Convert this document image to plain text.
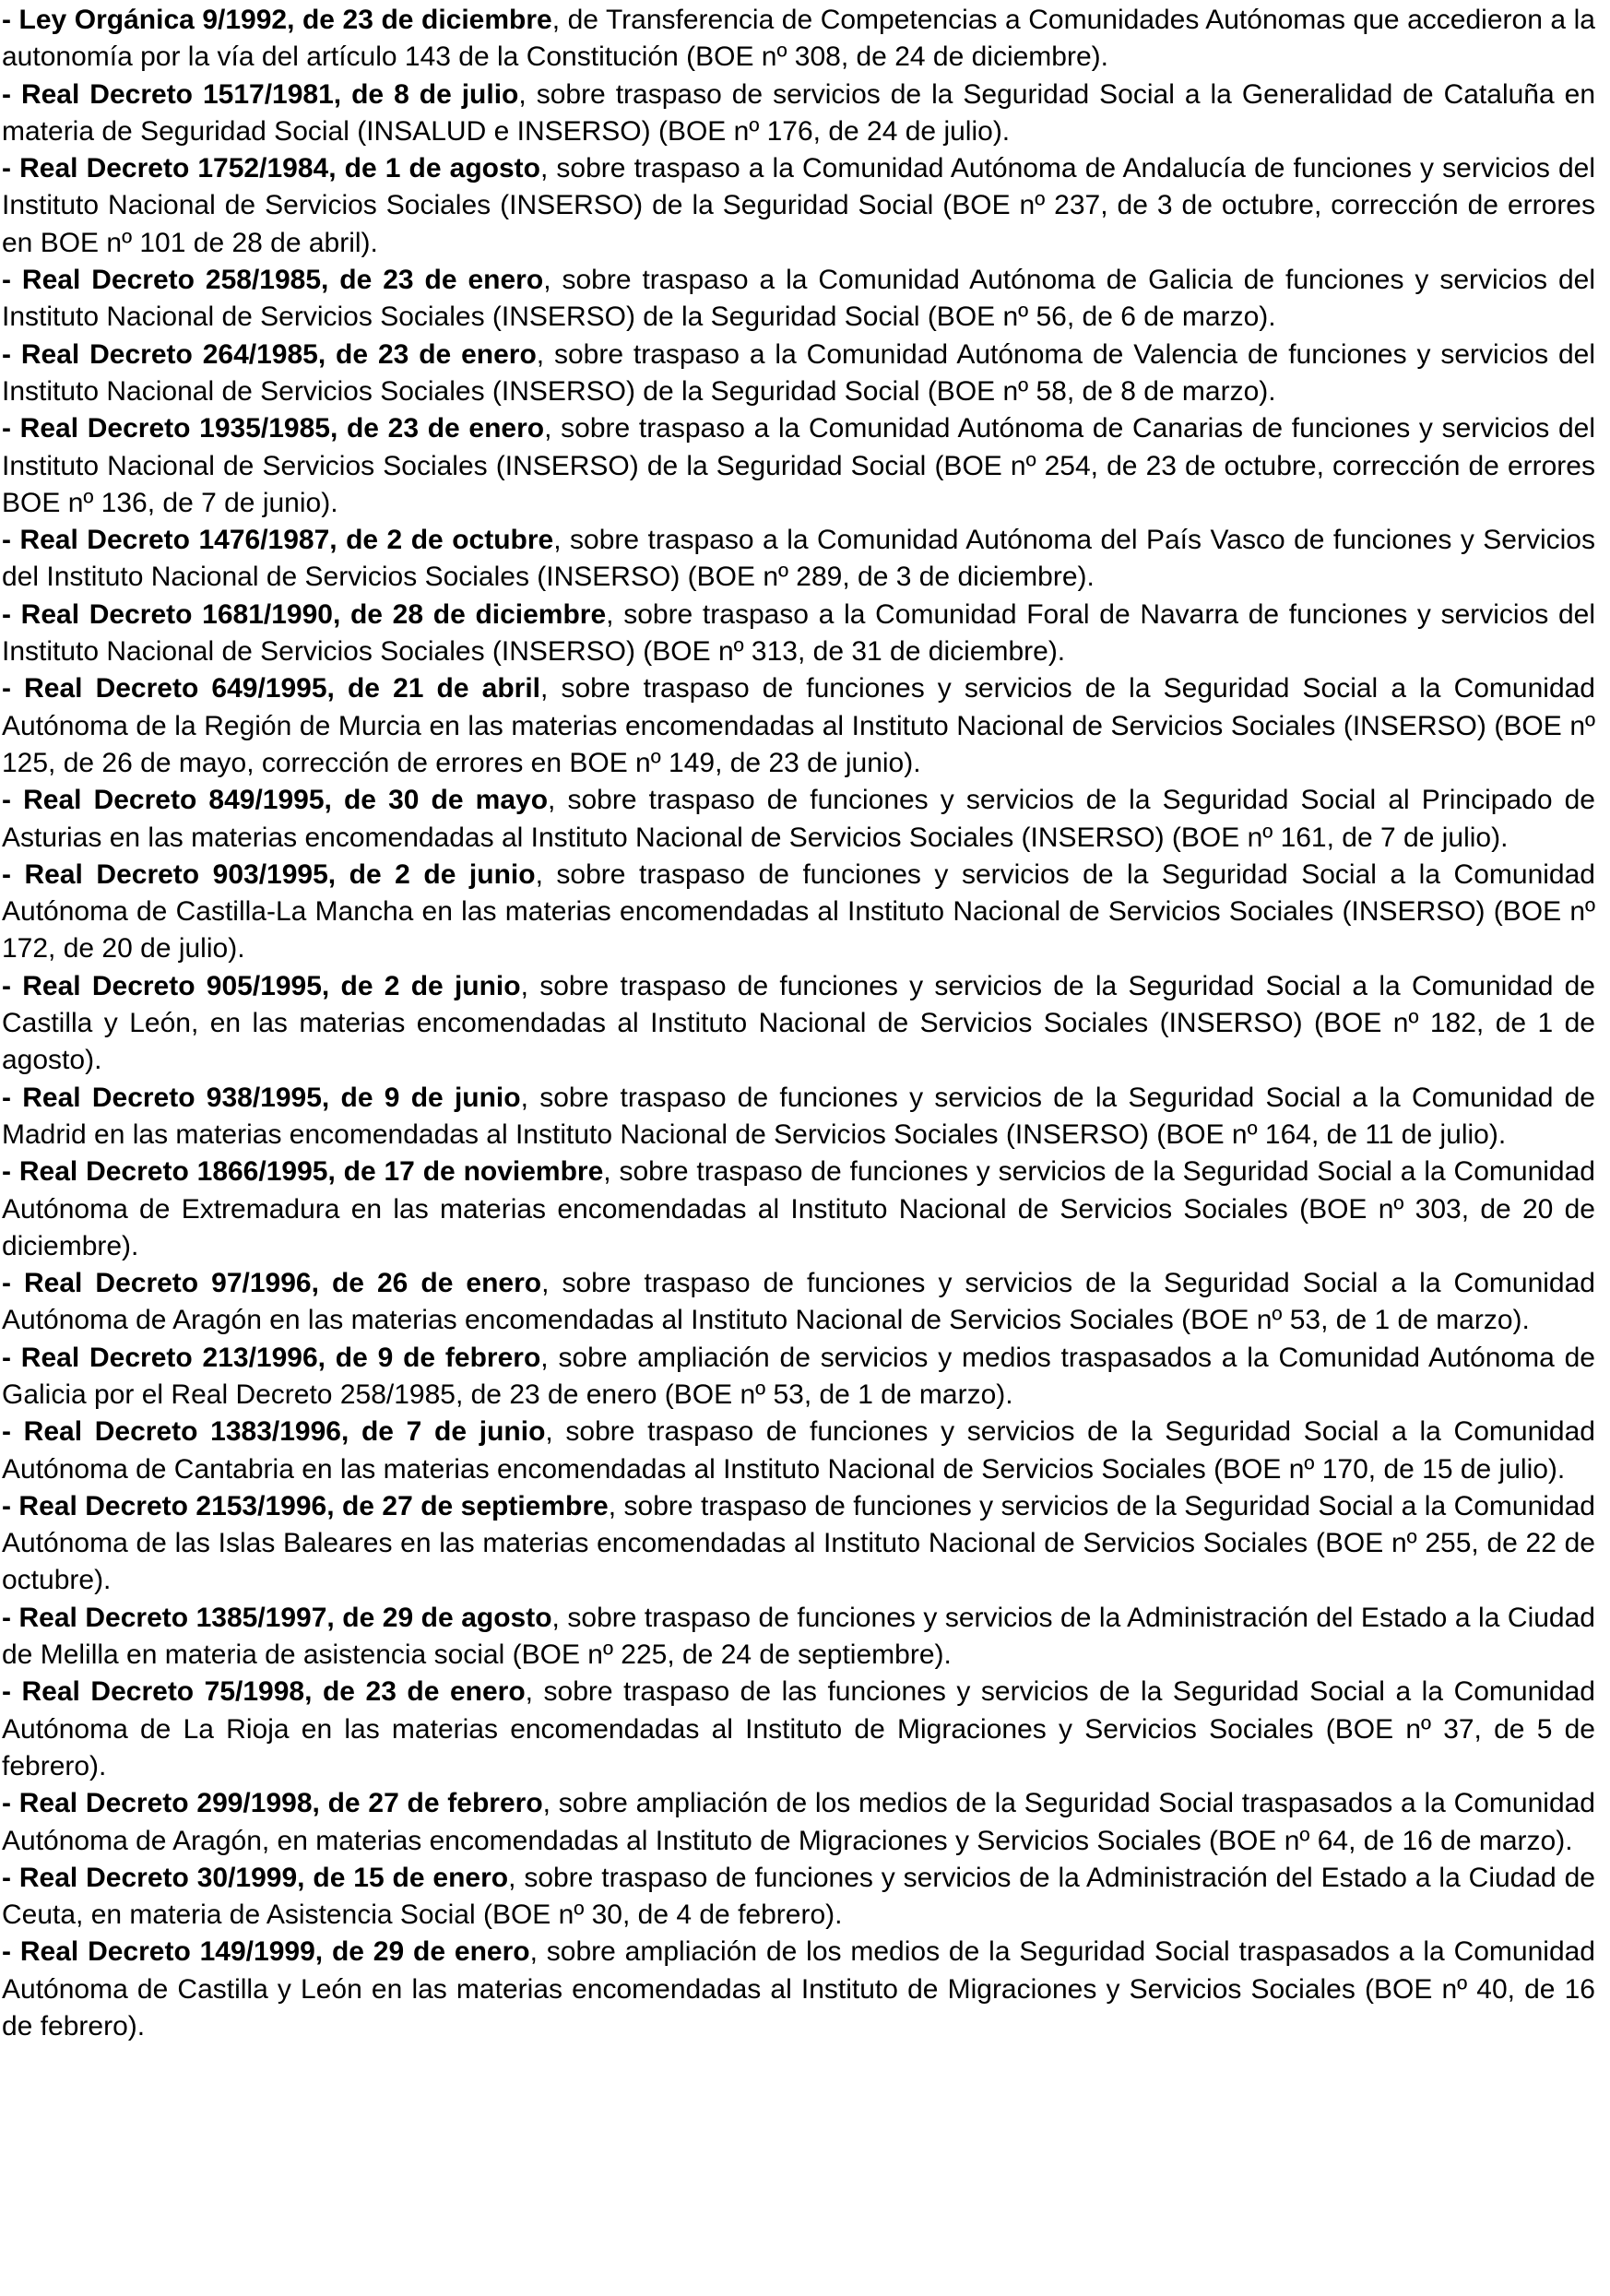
- Ley Orgánica 9/1992, de 23 de diciembre, de Transferencia de Competencias a Comunidades Autónomas que accedieron a la autonomía por la vía del artículo 143 de la Constitución (BOE nº 308, de 24 de diciembre).

- Real Decreto 1517/1981, de 8 de julio, sobre traspaso de servicios de la Seguridad Social a la Generalidad de Cataluña en materia de Seguridad Social (INSALUD e INSERSO) (BOE nº 176, de 24 de julio).

- Real Decreto 1752/1984, de 1 de agosto, sobre traspaso a la Comunidad Autónoma de Andalucía de funciones y servicios del Instituto Nacional de Servicios Sociales (INSERSO) de la Seguridad Social (BOE nº 237, de 3 de octubre, corrección de errores en BOE nº 101 de 28 de abril).

- Real Decreto 258/1985, de 23 de enero, sobre traspaso a la Comunidad Autónoma de Galicia de funciones y servicios del Instituto Nacional de Servicios Sociales (INSERSO) de la Seguridad Social (BOE nº 56, de 6 de marzo).

- Real Decreto 264/1985, de 23 de enero, sobre traspaso a la Comunidad Autónoma de Valencia de funciones y servicios del Instituto Nacional de Servicios Sociales (INSERSO) de la Seguridad Social (BOE nº 58, de 8 de marzo).

- Real Decreto 1935/1985, de 23 de enero, sobre traspaso a la Comunidad Autónoma de Canarias de funciones y servicios del Instituto Nacional de Servicios Sociales (INSERSO) de la Seguridad Social (BOE nº 254, de 23 de octubre, corrección de errores BOE nº 136, de 7 de junio).

- Real Decreto 1476/1987, de 2 de octubre, sobre traspaso a la Comunidad Autónoma del País Vasco de funciones y Servicios del Instituto Nacional de Servicios Sociales (INSERSO) (BOE nº 289, de 3 de diciembre).

- Real Decreto 1681/1990, de 28 de diciembre, sobre traspaso a la Comunidad Foral de Navarra de funciones y servicios del Instituto Nacional de Servicios Sociales (INSERSO) (BOE nº 313, de 31 de diciembre).

- Real Decreto 649/1995, de 21 de abril, sobre traspaso de funciones y servicios de la Seguridad Social a la Comunidad Autónoma de la Región de Murcia en las materias encomendadas al Instituto Nacional de Servicios Sociales (INSERSO) (BOE nº 125, de 26 de mayo, corrección de errores en BOE nº 149, de 23 de junio).

- Real Decreto 849/1995, de 30 de mayo, sobre traspaso de funciones y servicios de la Seguridad Social al Principado de Asturias en las materias encomendadas al Instituto Nacional de Servicios Sociales (INSERSO) (BOE nº 161, de 7 de julio).

- Real Decreto 903/1995, de 2 de junio, sobre traspaso de funciones y servicios de la Seguridad Social a la Comunidad Autónoma de Castilla-La Mancha en las materias encomendadas al Instituto Nacional de Servicios Sociales (INSERSO) (BOE nº 172, de 20 de julio).

- Real Decreto 905/1995, de 2 de junio, sobre traspaso de funciones y servicios de la Seguridad Social a la Comunidad de Castilla y León, en las materias encomendadas al Instituto Nacional de Servicios Sociales (INSERSO) (BOE nº 182, de 1 de agosto).

- Real Decreto 938/1995, de 9 de junio, sobre traspaso de funciones y servicios de la Seguridad Social a la Comunidad de Madrid en las materias encomendadas al Instituto Nacional de Servicios Sociales (INSERSO) (BOE nº 164, de 11 de julio).

- Real Decreto 1866/1995, de 17 de noviembre, sobre traspaso de funciones y servicios de la Seguridad Social a la Comunidad Autónoma de Extremadura en las materias encomendadas al Instituto Nacional de Servicios Sociales (BOE nº 303, de 20 de diciembre).

- Real Decreto 97/1996, de 26 de enero, sobre traspaso de funciones y servicios de la Seguridad Social a la Comunidad Autónoma de Aragón en las materias encomendadas al Instituto Nacional de Servicios Sociales (BOE nº 53, de 1 de marzo).

- Real Decreto 213/1996, de 9 de febrero, sobre ampliación de servicios y medios traspasados a la Comunidad Autónoma de Galicia por el Real Decreto 258/1985, de 23 de enero (BOE nº 53, de 1 de marzo).

- Real Decreto 1383/1996, de 7 de junio, sobre traspaso de funciones y servicios de la Seguridad Social a la Comunidad Autónoma de Cantabria en las materias encomendadas al Instituto Nacional de Servicios Sociales (BOE nº 170, de 15 de julio).

- Real Decreto 2153/1996, de 27 de septiembre, sobre traspaso de funciones y servicios de la Seguridad Social a la Comunidad Autónoma de las Islas Baleares en las materias encomendadas al Instituto Nacional de Servicios Sociales (BOE nº 255, de 22 de octubre).

- Real Decreto 1385/1997, de 29 de agosto, sobre traspaso de funciones y servicios de la Administración del Estado a la Ciudad de Melilla en materia de asistencia social (BOE nº 225, de 24 de septiembre).

- Real Decreto 75/1998, de 23 de enero, sobre traspaso de las funciones y servicios de la Seguridad Social a la Comunidad Autónoma de La Rioja en las materias encomendadas al Instituto de Migraciones y Servicios Sociales (BOE nº 37, de 5 de febrero).

- Real Decreto 299/1998, de 27 de febrero, sobre ampliación de los medios de la Seguridad Social traspasados a la Comunidad Autónoma de Aragón, en materias encomendadas al Instituto de Migraciones y Servicios Sociales (BOE nº 64, de 16 de marzo).

- Real Decreto 30/1999, de 15 de enero, sobre traspaso de funciones y servicios de la Administración del Estado a la Ciudad de Ceuta, en materia de Asistencia Social (BOE nº 30, de 4 de febrero).

- Real Decreto 149/1999, de 29 de enero, sobre ampliación de los medios de la Seguridad Social traspasados a la Comunidad Autónoma de Castilla y León en las materias encomendadas al Instituto de Migraciones y Servicios Sociales (BOE nº 40, de 16 de febrero).
